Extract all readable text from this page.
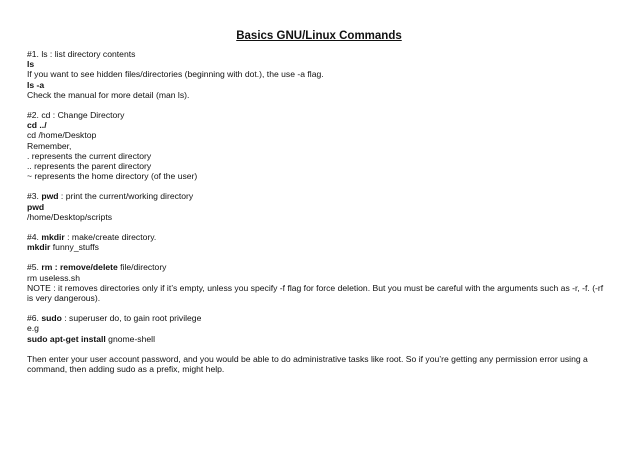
Basics GNU/Linux Commands
#1. ls : list directory contents
ls
If you want to see hidden files/directories (beginning with dot.), the use -a flag.
ls -a
Check the manual for more detail (man ls).
#2. cd : Change Directory
cd ../
cd /home/Desktop
Remember,
. represents the current directory
.. represents the parent directory
~ represents the home directory (of the user)
#3. pwd : print the current/working directory
pwd
/home/Desktop/scripts
#4. mkdir : make/create directory.
mkdir funny_stuffs
#5. rm : remove/delete file/directory
rm useless.sh
NOTE : it removes directories only if it’s empty, unless you specify -f flag for force deletion. But you must be careful with the arguments such as -r, -f. (-rf is very dangerous).
#6. sudo : superuser do, to gain root privilege
e.g
sudo apt-get install gnome-shell
Then enter your user account password, and you would be able to do administrative tasks like root. So if you’re getting any permission error using a command, then adding sudo as a prefix, might help.
